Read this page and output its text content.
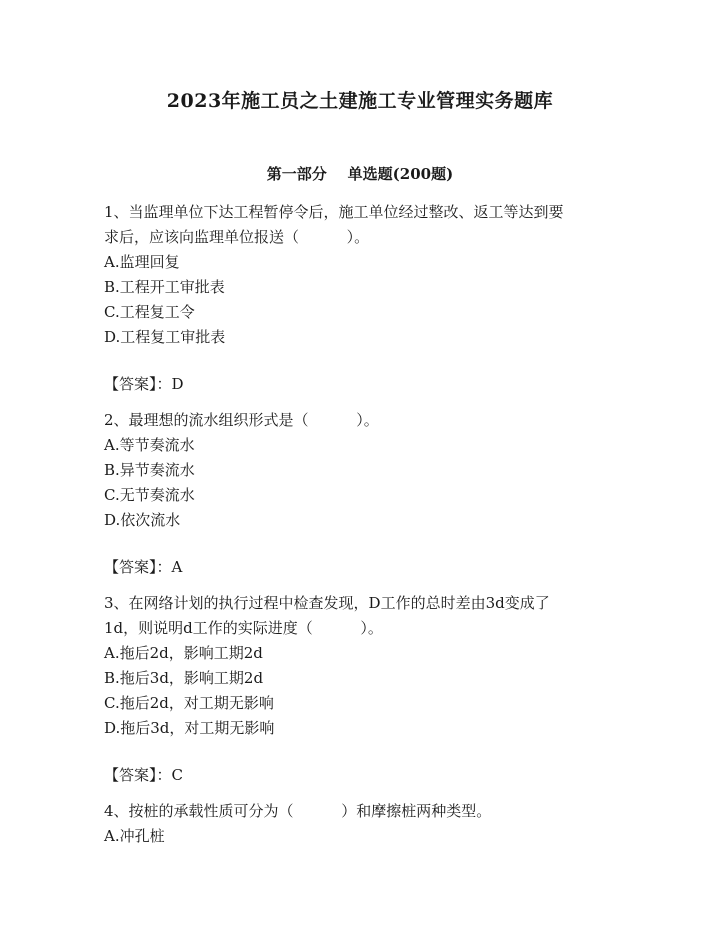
2023年施工员之土建施工专业管理实务题库
第一部分    单选题(200题)

1、当监理单位下达工程暂停令后，施工单位经过整改、返工等达到要

求后，应该向监理单位报送（          ）。

A.监理回复

B.工程开工审批表

C.工程复工令

D.工程复工审批表

【答案】：D

2、最理想的流水组织形式是（          ）。

A.等节奏流水

B.异节奏流水

C.无节奏流水

D.依次流水

【答案】：A

3、在网络计划的执行过程中检查发现，D工作的总时差由3d变成了

1d，则说明d工作的实际进度（          ）。

A.拖后2d，影响工期2d

B.拖后3d，影响工期2d

C.拖后2d，对工期无影响

D.拖后3d，对工期无影响

【答案】：C

4、按桩的承载性质可分为（          ）和摩擦桩两种类型。

A.冲孔桩
